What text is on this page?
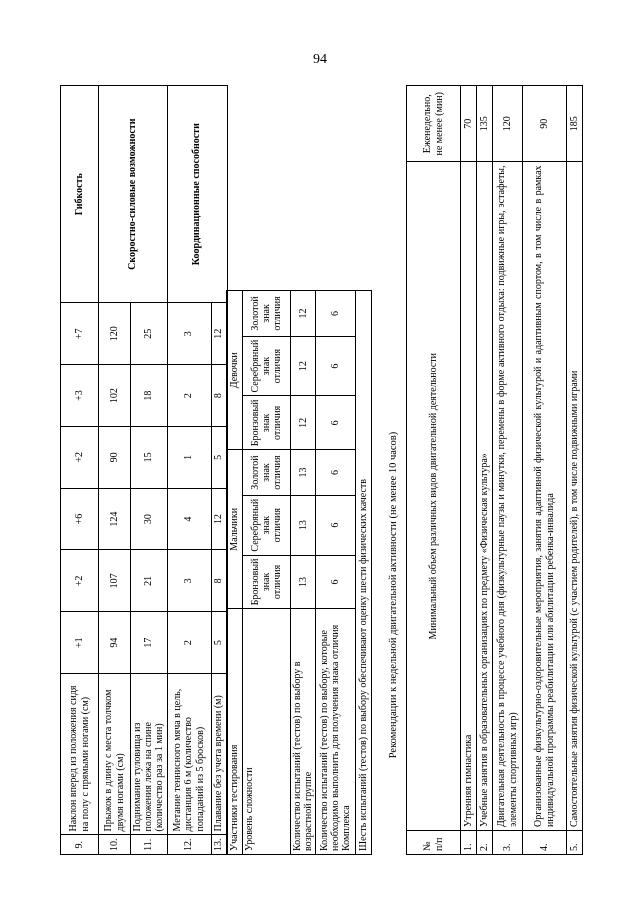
94
9.	Наклон вперед из положения сидя на полу с прямыми ногами (см)	+1	+2	+6	+2	+3	+7	Гибкость
10.	Прыжок в длину с места толчком двумя ногами (см)	94	107	124	90	102	120	Скоростно-силовые возможности
11.	Поднимание туловища из положения лежа на спине (количество раз за 1 мин)	17	21	30	15	18	25	
12.	Метание теннисного мяча в цель, дистанция 6 м (количество попаданий из 5 бросков)	2	3	4	1	2	3	Координационные способности
13.	Плавание без учета времени (м)	5	8	12	5	8	12	
Участники тестирования	Мальчики			Девочки			
Уровень сложности	Бронзовый знак отличия	Серебряный знак отличия	Золотой знак отличия	Бронзовый знак отличия	Серебряный знак отличия	Золотой знак отличия	
Количество испытаний (тестов) по выбору в возрастной группе	13	13	13	12	12	12	
Количество испытаний (тестов) по выбору, которые необходимо выполнить для получения знака отличия Комплекса	6	6	6	6	6	6	
Шесть испытаний (тестов) по выбору обеспечивают оценку шести физических качеств							Рекомендации к недельной двигательной активности (не менее 10 часов)
№ п/п	Минимальный объем различных видов двигательной деятельности	Еженедельно, не менее (мин)
1.	Утренняя гимнастика	70
2.	Учебные занятия в образовательных организациях по предмету «Физическая культура»	135
3.	Двигательная деятельность в процессе учебного дня (физкультурные паузы и минутки, перемены в форме активного отдыха: подвижные игры, эстафеты, элементы спортивных игр)	120
4.	Организованные физкультурно-оздоровительные мероприятия, занятия адаптивной физической культурой и адаптивным спортом, в том числе в рамках индивидуальной программы реабилитации или абилитации ребенка-инвалида	90
5.	Самостоятельные занятия физической культурой (с участием родителей), в том числе подвижными играми	185
